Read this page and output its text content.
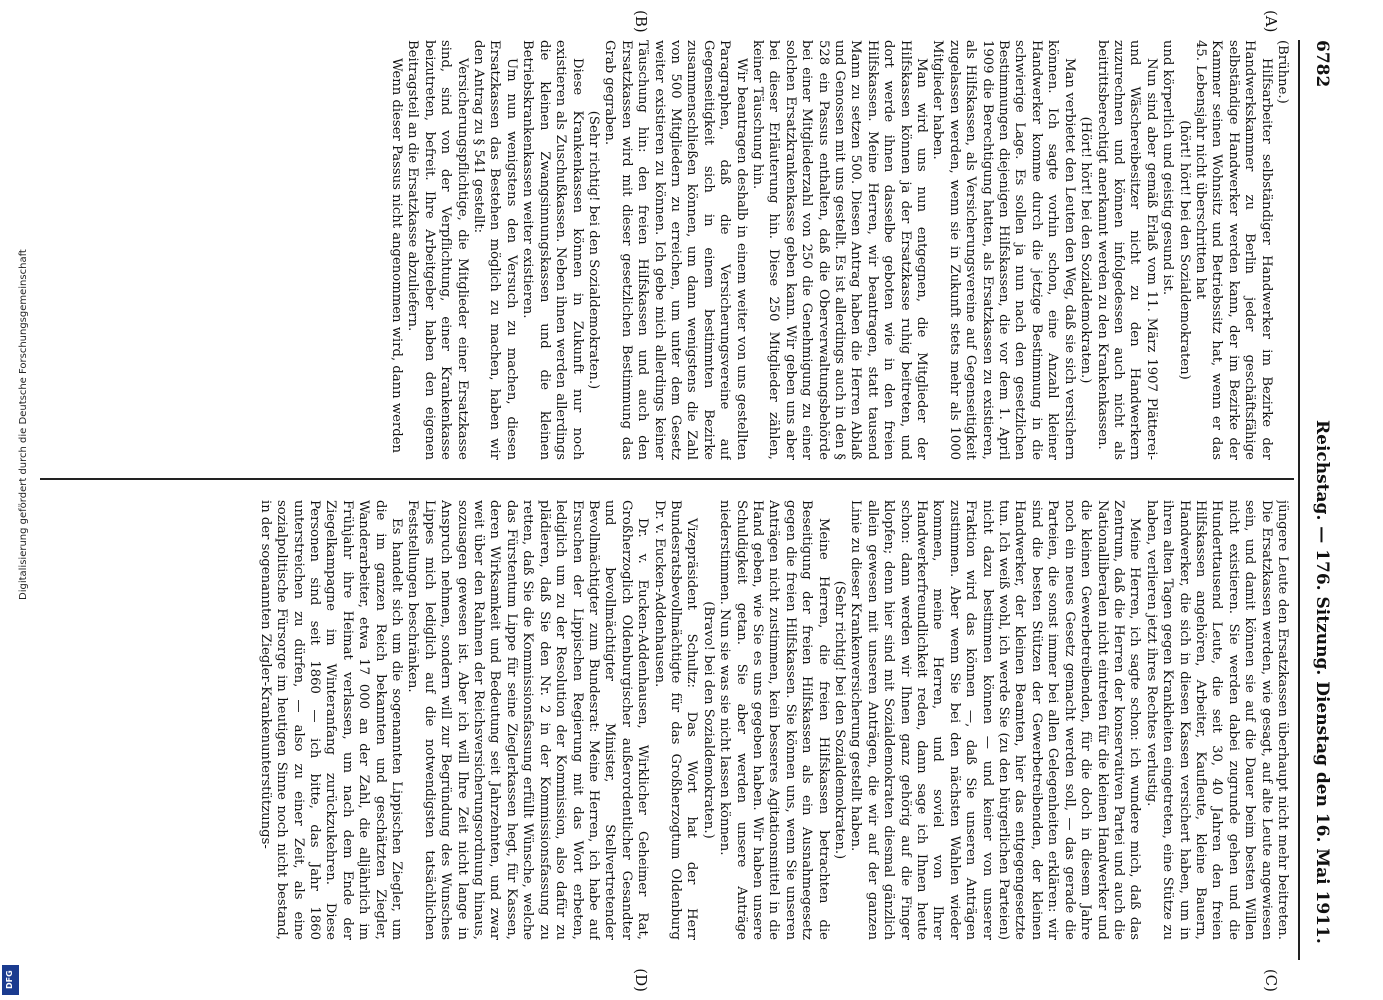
6782
Reichstag. — 176. Sitzung. Dienstag den 16. Mai 1911.

(Brühne.)

Hilfsarbeiter selbständiger Handwerker im Bezirke der Handwerkskammer zu Berlin jeder geschäftsfähige selbständige Handwerker werden kann, der im Bezirke der Kammer seinen Wohnsitz und Betriebssitz hat, wenn er das 45. Lebensjahr nicht überschritten hat

(hört! hört! bei den Sozialdemokraten)

und körperlich und geistig gesund ist.

Nun sind aber gemäß Erlaß vom 11. März 1907 Plätterei- und Wäschereibesitzer nicht zu den Handwerkern zuzurechnen und können infolgedessen auch nicht als beitrittsberechtigt anerkannt werden zu den Krankenkassen.

(Hört! hört! bei den Sozialdemokraten.)

Man verbietet den Leuten den Weg, daß sie sich versichern können. Ich sagte vorhin schon, eine Anzahl kleiner Handwerker komme durch die jetzige Bestimmung in die schwierige Lage. Es sollen ja nun nach den gesetzlichen Bestimmungen diejenigen Hilfskassen, die vor dem 1. April 1909 die Berechtigung hatten, als Ersatzkassen zu existieren, als Hilfskassen, als Versicherungsvereine auf Gegenseitigkeit zugelassen werden, wenn sie in Zukunft stets mehr als 1000 Mitglieder haben.

Man wird uns nun entgegnen, die Mitglieder der Hilfskassen können ja der Ersatzkasse ruhig beitreten, und dort werde ihnen dasselbe geboten wie in den freien Hilfskassen. Meine Herren, wir beantragen, statt tausend Mann zu setzen 500. Diesen Antrag haben die Herren Ablaß und Genossen mit uns gestellt. Es ist allerdings auch in den § 528 ein Passus enthalten, daß die Oberverwaltungsbehörde bei einer Mitgliederzahl von 250 die Genehmigung zu einer solchen Ersatzkrankenkasse geben kann. Wir geben uns aber bei dieser Erläuterung hin. Diese 250 Mitglieder zählen, keiner Täuschung hin.

Wir beantragen deshalb in einem weiter von uns gestellten Paragraphen, daß die Versicherungsvereine auf Gegenseitigkeit sich in einem bestimmten Bezirke zusammenschließen können, um dann wenigstens die Zahl von 500 Mitgliedern zu erreichen, um unter dem Gesetz weiter existieren zu können. Ich gebe mich allerdings keiner Täuschung hin: den freien Hilfskassen und auch den Ersatzkassen wird mit dieser gesetzlichen Bestimmung das Grab gegraben.

(Sehr richtig! bei den Sozialdemokraten.)

Diese Krankenkassen können in Zukunft nur noch existieren als Zuschußkassen. Neben ihnen werden allerdings die kleinen Zwangsinnungskassen und die kleinen Betriebskrankenkassen weiter existieren.

Um nun wenigstens den Versuch zu machen, diesen Ersatzkassen das Bestehen möglich zu machen, haben wir den Antrag zu § 541 gestellt:

Versicherungspflichtige, die Mitglieder einer Ersatzkasse sind, sind von der Verpflichtung, einer Krankenkasse beizutreten, befreit. Ihre Arbeitgeber haben den eigenen Beitragsteil an die Ersatzkasse abzuliefern.

Wenn dieser Passus nicht angenommen wird, dann werden

jüngere Leute den Ersatzkassen überhaupt nicht mehr beitreten. Die Ersatzkassen werden, wie gesagt, auf alte Leute angewiesen sein, und damit können sie auf die Dauer beim besten Willen nicht existieren. Sie werden dabei zugrunde gehen und die Hunderttausend Leute, die seit 30, 40 Jahren den freien Hilfskassen angehören, Arbeiter, Kaufleute, kleine Bauern, Handwerker, die sich in diesen Kassen versichert haben, um in ihren alten Tagen gegen Krankheiten eingetreten, eine Stütze zu haben, verlieren jetzt ihres Rechtes verlustig.

Meine Herren, ich sagte schon: ich wundere mich, daß das Zentrum, daß die Herren der konservativen Partei und auch die Nationalliberalen nicht eintreten für die kleinen Handwerker und die kleinen Gewerbetreibenden, für die doch in diesem Jahre noch ein neues Gesetz gemacht werden soll, — das gerade die Parteien, die sonst immer bei allen Gelegenheiten erklären: wir sind die besten Stützen der Gewerbetreibenden, der kleinen Handwerker, der kleinen Beamten, hier das entgegengesetzte tun. Ich weiß wohl, ich werde Sie (zu den bürgerlichen Parteien) nicht dazu bestimmen können — und keiner von unserer Fraktion wird das können —, daß Sie unseren Anträgen zustimmen. Aber wenn Sie bei den nächsten Wahlen wieder kommen, meine Herren, und soviel von Ihrer Handwerkerfreundlichkeit reden, dann sage ich Ihnen heute schon: dann werden wir Ihnen ganz gehörig auf die Finger klopfen; denn hier sind mit Sozialdemokraten diesmal gänzlich allein gewesen mit unseren Anträgen, die wir auf der ganzen Linie zu dieser Krankenversicherung gestellt haben.

(Sehr richtig! bei den Sozialdemokraten.)

Meine Herren, die freien Hilfskassen betrachten die Beseitigung der freien Hilfskassen als ein Ausnahmegesetz gegen die freien Hilfskassen. Sie können uns, wenn Sie unseren Anträgen nicht zustimmen, kein besseres Agitationsmittel in die Hand geben, wie Sie es uns gegeben haben. Wir haben unsere Schuldigkeit getan. Sie aber werden unsere Anträge niederstimmen. Nun sie was sie nicht lassen können.

(Bravo! bei den Sozialdemokraten.)

Vizepräsident Schultz: Das Wort hat der Herr Bundesratsbevollmächtigte für das Großherzogtum Oldenburg Dr. v. Eucken-Addenhausen.

Dr. v. Eucken-Addenhausen, Wirklicher Geheimer Rat, Großherzoglich Oldenburgischer außerordentlicher Gesandter und bevollmächtigter Minister, Stellvertretender Bevollmächtigter zum Bundesrat: Meine Herren, ich habe auf Ersuchen der Lippischen Regierung mit das Wort erbeten, lediglich um zu der Resolution der Kommission, also dafür zu plädieren, daß Sie den Nr. 2 in der Kommissionsfassung zu retten, daß Sie die Kommissionsfassung erfüllt Wünsche, welche das Fürstentum Lippe für seine Zieglerkassen hegt, für Kassen, deren Wirksamkeit und Bedeutung seit Jahrzehnten, und zwar weit über den Rahmen der Reichsversicherungsordnung hinaus, sozusagen gewesen ist. Aber ich will Ihre Zeit nicht lange in Anspruch nehmen, sondern will zur Begründung des Wunsches Lippes mich lediglich auf die notwendigsten tatsächlichen Feststellungen beschränken.

Es handelt sich um die sogenannten Lippischen Ziegler, um die im ganzen Reich bekannten und geschätzten Ziegler, Wanderarbeiter, etwa 17 000 an der Zahl, die alljährlich im Frühjahr ihre Heimat verlassen, um nach dem Ende der Ziegelkampagne im Winteranfang zurückzukehren. Diese Personen sind seit 1860 — ich bitte, das Jahr 1860 unterstreichen zu dürfen, — also zu einer Zeit, als eine sozialpolitische Fürsorge im heutigen Sinne noch nicht bestand, in der sogenannten Ziegler-Krankenunterstützungs-

(A)
(B)
(C)
(D)
Digitalisierung gefördert durch die Deutsche Forschungsgemeinschaft
DFG
